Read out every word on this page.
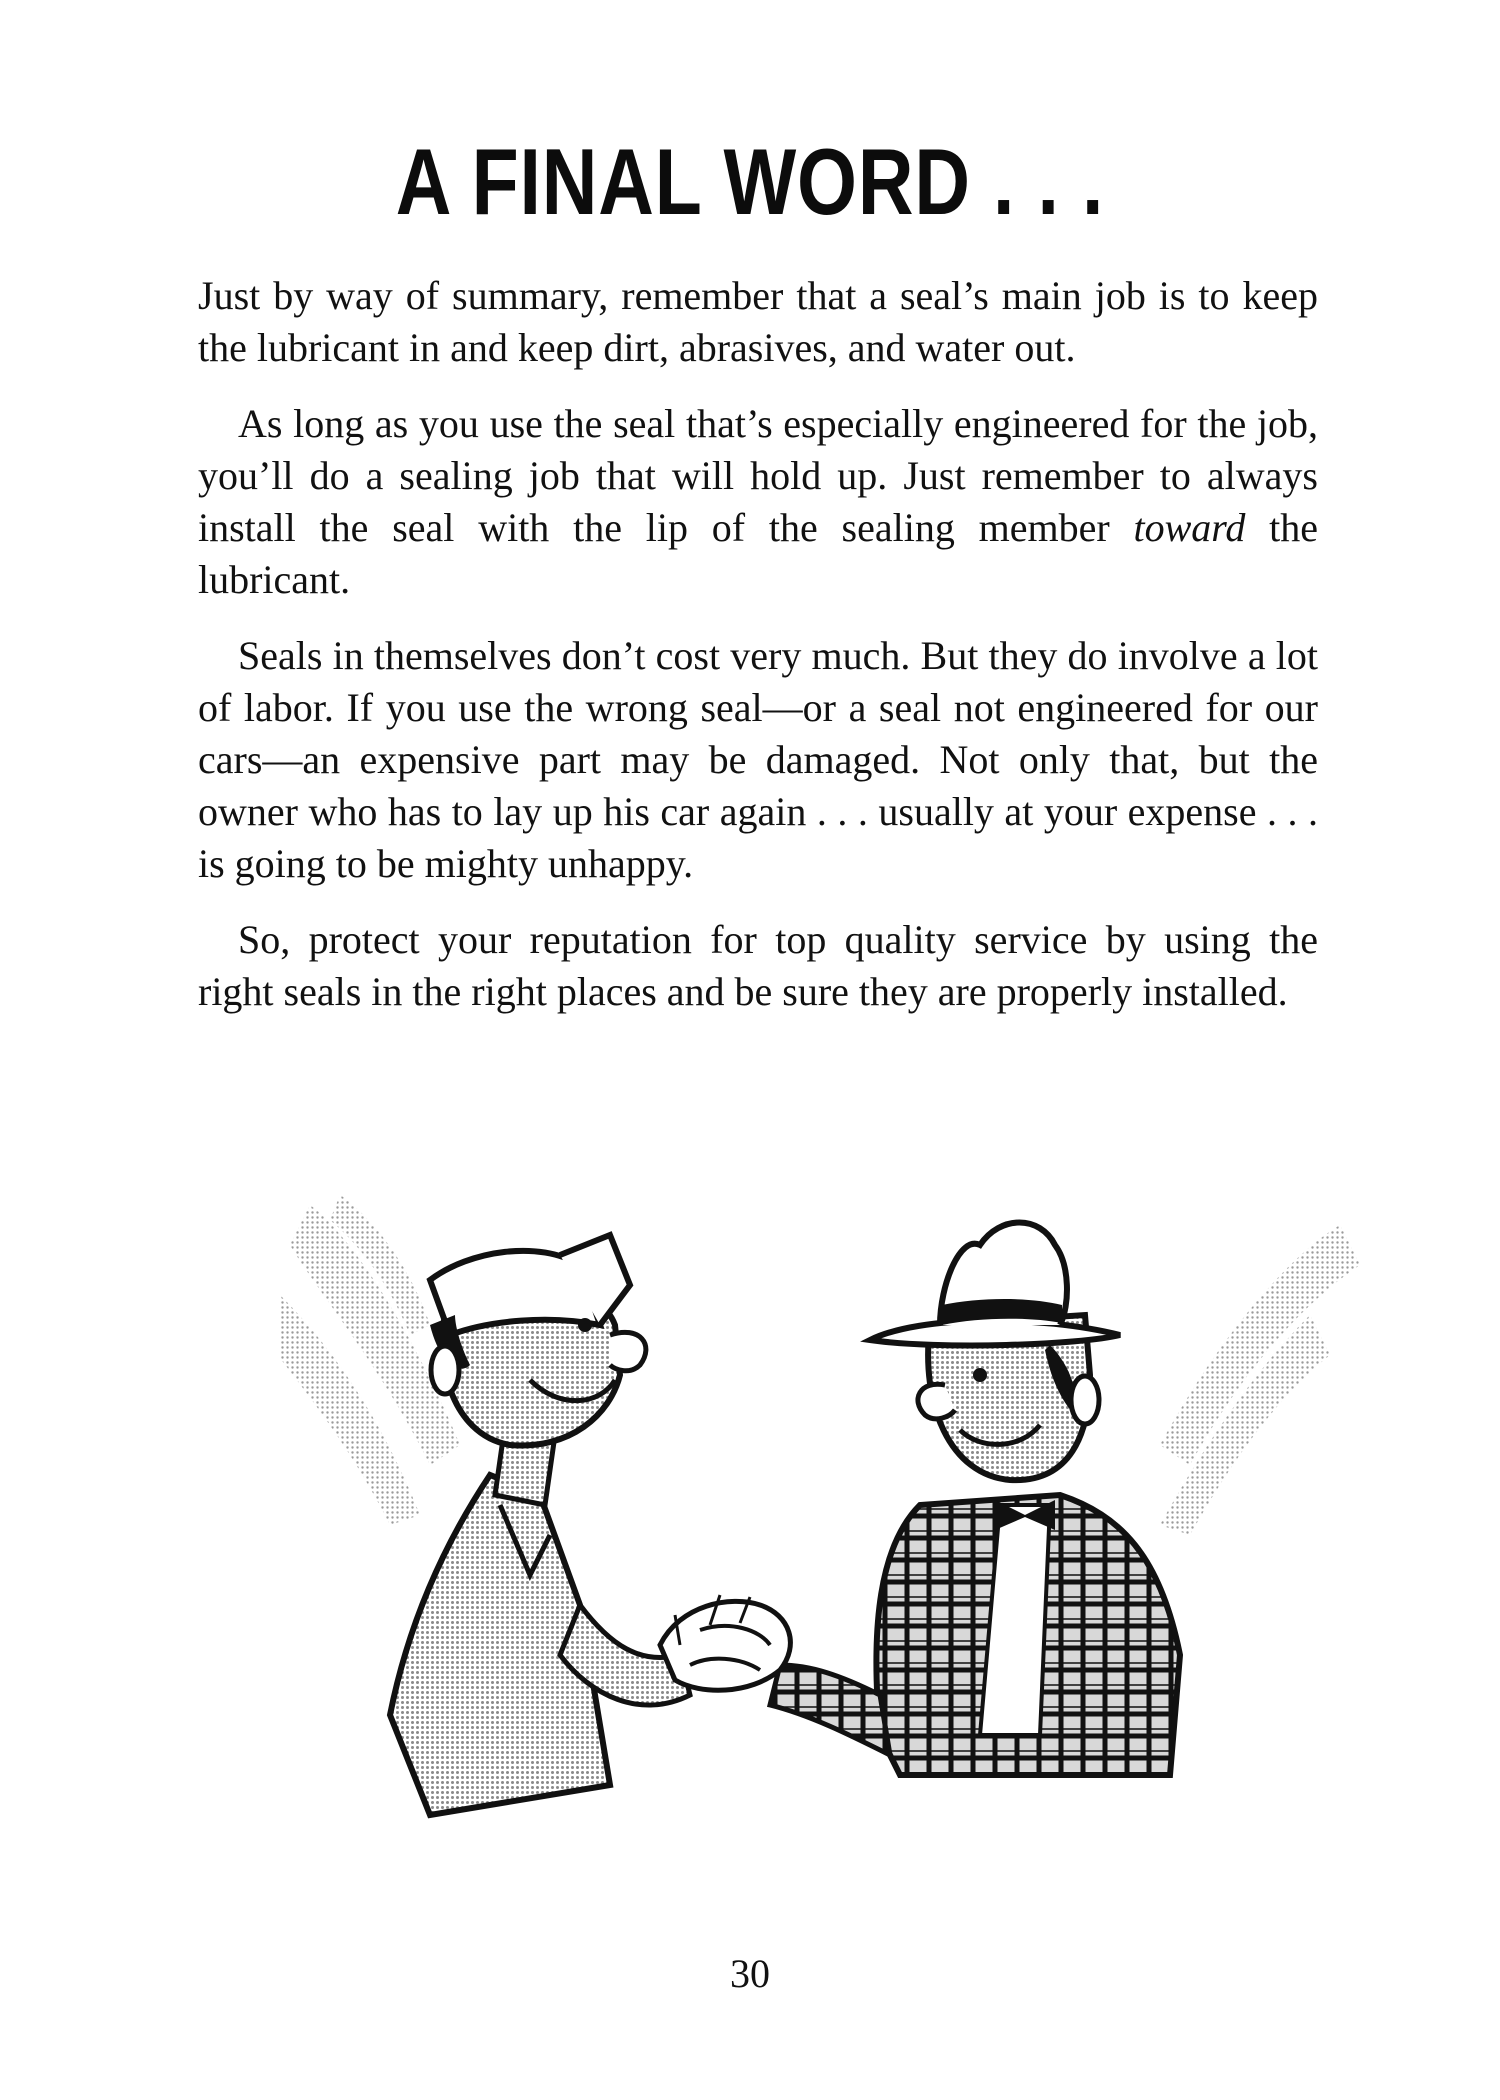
A FINAL WORD . . .

Just by way of summary, remember that a seal’s main job is to keep the lubricant in and keep dirt, abrasives, and water out.

As long as you use the seal that’s especially engineered for the job, you’ll do a sealing job that will hold up. Just remember to always install the seal with the lip of the sealing member toward the lubricant.

Seals in themselves don’t cost very much. But they do involve a lot of labor. If you use the wrong seal—or a seal not engineered for our cars—an expensive part may be damaged. Not only that, but the owner who has to lay up his car again . . . usually at your expense . . . is going to be mighty unhappy.

So, protect your reputation for top quality service by using the right seals in the right places and be sure they are properly installed.

30
